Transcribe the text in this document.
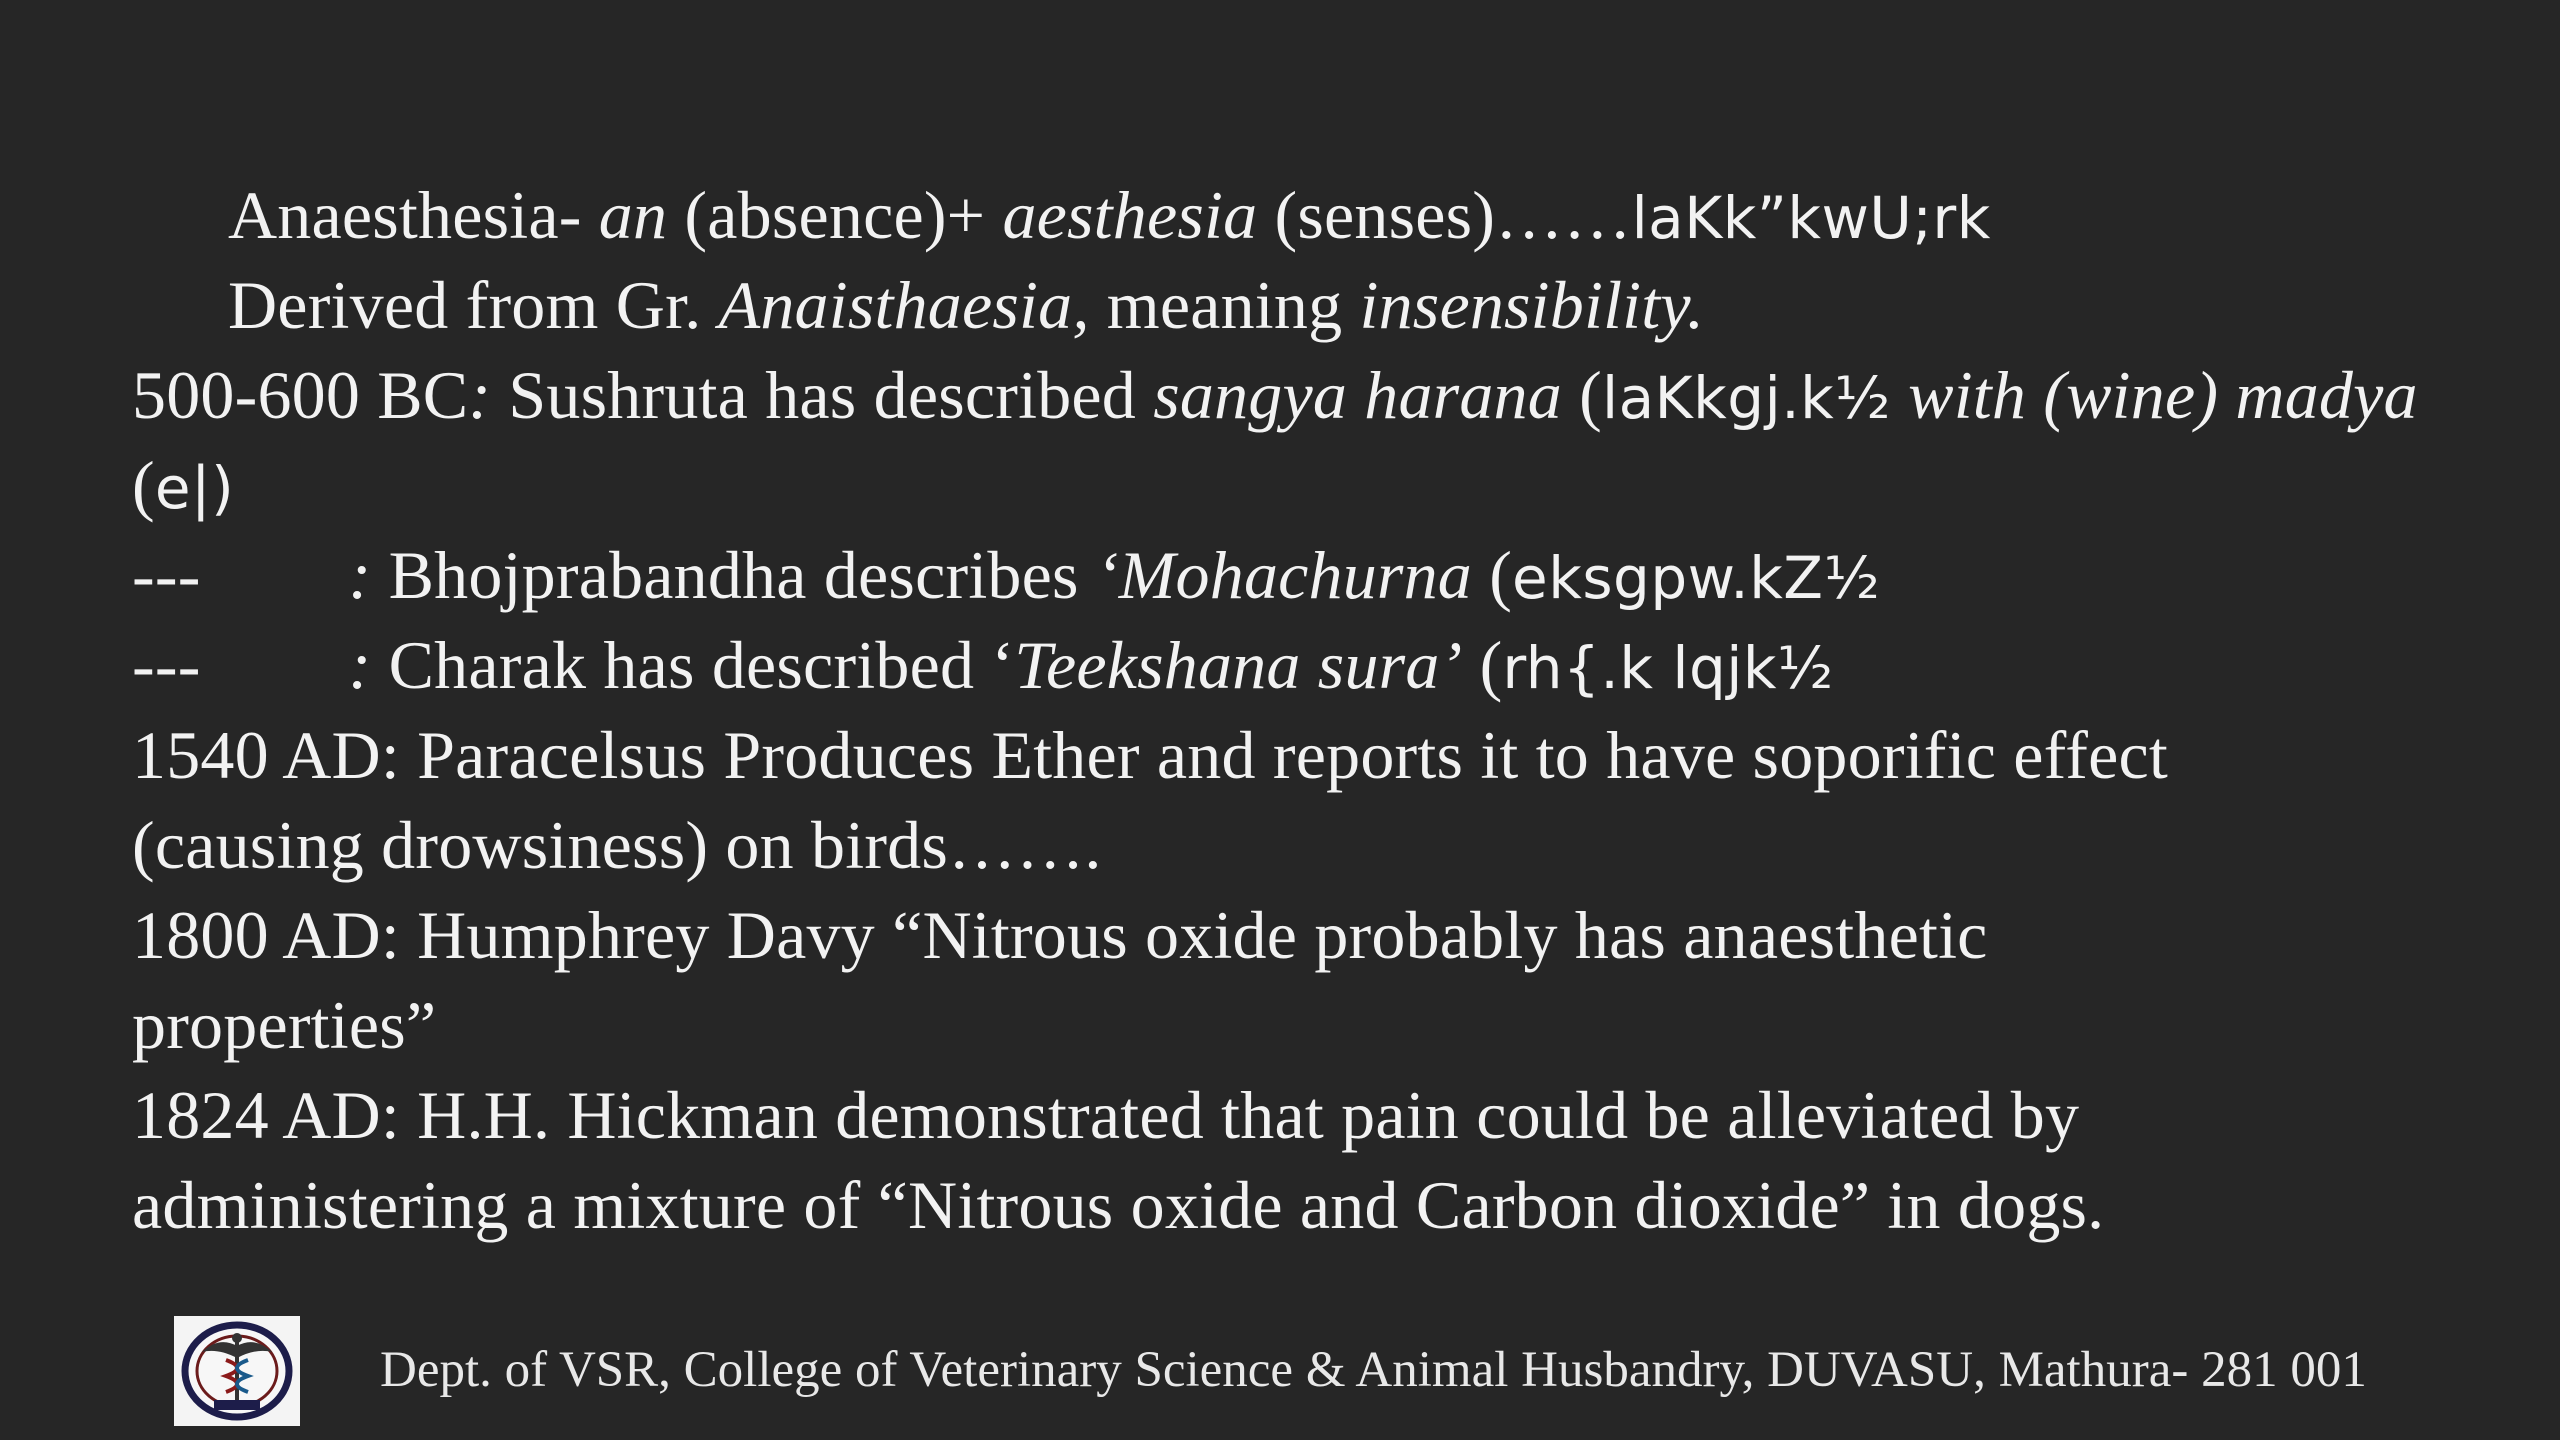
Anaesthesia- an (absence)+ aesthesia (senses)……laKk”kwU;rk
Derived from Gr. Anaisthaesia, meaning insensibility.
500-600 BC: Sushruta has described sangya harana (laKkgj.k½ with (wine) madya
(e|)
--- : Bhojprabandha describes ‘Mohachurna (eksgpw.kZ½
--- : Charak has described ‘Teekshana sura’ (rh{.k lqjk½
1540 AD: Paracelsus Produces Ether and reports it to have soporific effect
(causing drowsiness) on birds…….
1800 AD: Humphrey Davy “Nitrous oxide probably has anaesthetic
properties”
1824 AD: H.H. Hickman demonstrated that pain could be alleviated by
administering a mixture of “Nitrous oxide and Carbon dioxide” in dogs.
Dept. of VSR, College of Veterinary Science & Animal Husbandry, DUVASU, Mathura- 281 001
